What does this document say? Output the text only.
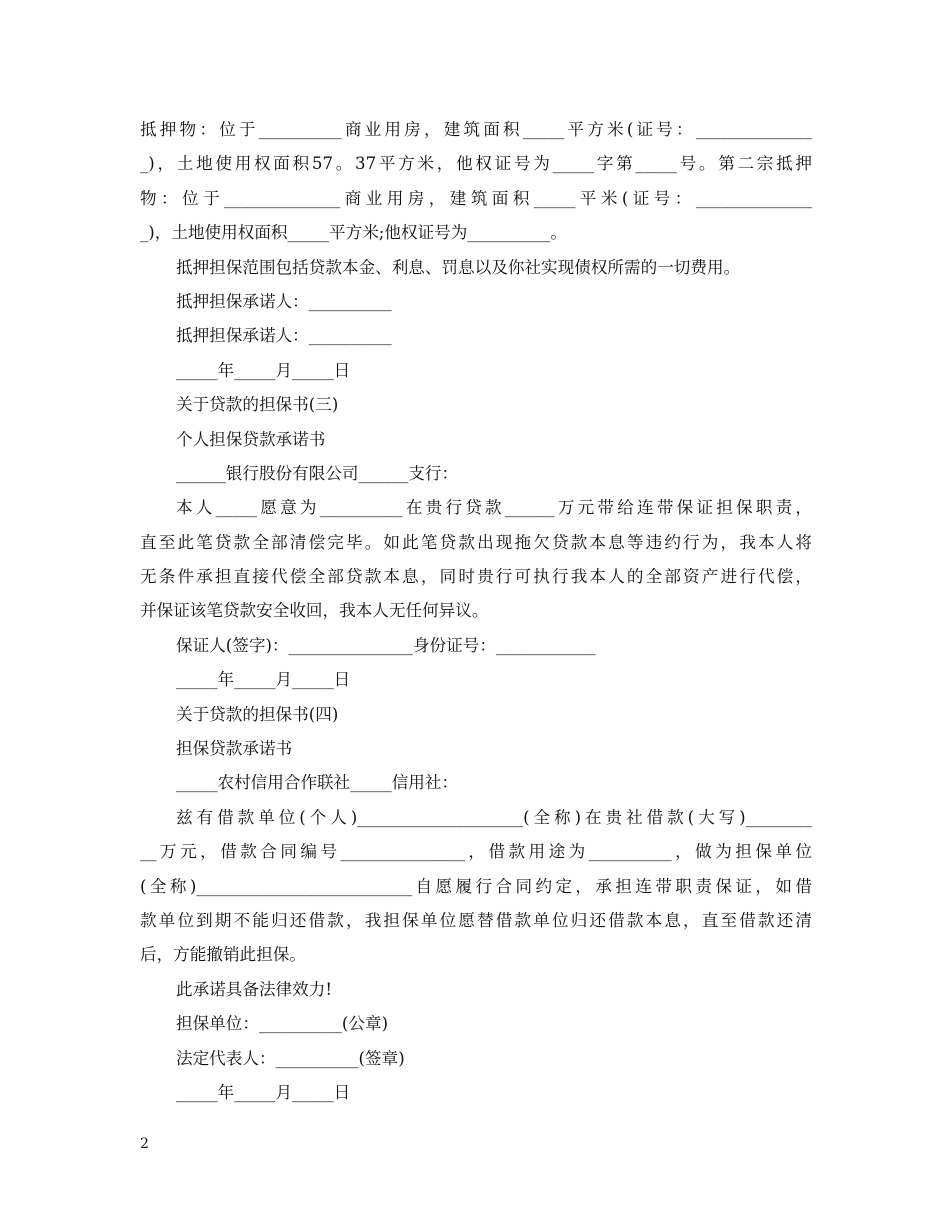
抵押物：位于__________商业用房，建筑面积_____平方米(证号：______________
_)，土地使用权面积57。37平方米，他权证号为_____字第_____号。第二宗抵押
物：位于______________商业用房，建筑面积_____平米(证号：______________
_)，土地使用权面积_____平方米;他权证号为__________。
抵押担保范围包括贷款本金、利息、罚息以及你社实现债权所需的一切费用。
抵押担保承诺人：__________
抵押担保承诺人：__________
_____年_____月_____日
关于贷款的担保书(三)
个人担保贷款承诺书
______银行股份有限公司______支行：
本人_____愿意为__________在贵行贷款______万元带给连带保证担保职责，
直至此笔贷款全部清偿完毕。如此笔贷款出现拖欠贷款本息等违约行为，我本人将
无条件承担直接代偿全部贷款本息，同时贵行可执行我本人的全部资产进行代偿，
并保证该笔贷款安全收回，我本人无任何异议。
保证人(签字)：_______________身份证号：____________
_____年_____月_____日
关于贷款的担保书(四)
担保贷款承诺书
_____农村信用合作联社_____信用社：
兹有借款单位(个人)____________________(全称)在贵社借款(大写)________
__万元，借款合同编号_______________，借款用途为__________，做为担保单位
(全称)__________________________自愿履行合同约定，承担连带职责保证，如借
款单位到期不能归还借款，我担保单位愿替借款单位归还借款本息，直至借款还清
后，方能撤销此担保。
此承诺具备法律效力!
担保单位：__________(公章)
法定代表人：__________(签章)
_____年_____月_____日
2
